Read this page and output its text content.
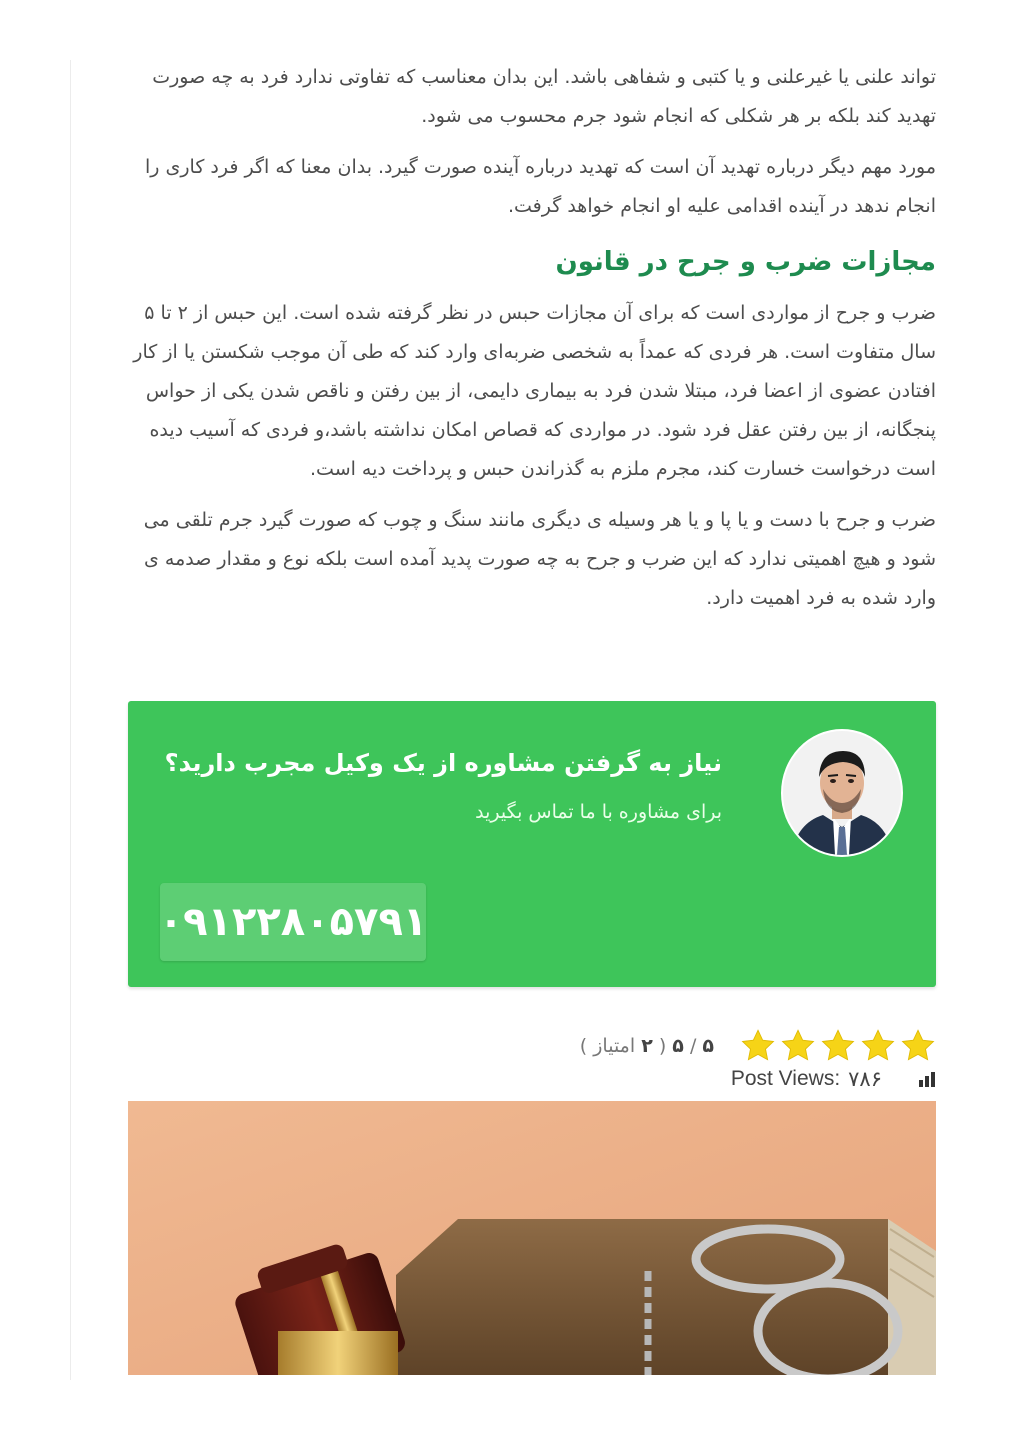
تواند علنی یا غیرعلنی و یا کتبی و شفاهی باشد. این بدان معناسب که تفاوتی ندارد فرد به چه صورت تهدید کند بلکه بر هر شکلی که انجام شود جرم محسوب می شود.

مورد مهم دیگر درباره تهدید آن است که تهدید درباره آینده صورت گیرد. بدان معنا که اگر فرد کاری را انجام ندهد در آینده اقدامی علیه او انجام خواهد گرفت.

مجازات ضرب و جرح در قانون

ضرب و جرح از مواردی است که برای آن مجازات حبس در نظر گرفته شده است. این حبس از ۲ تا ۵ سال متفاوت است. هر فردی که عمداً به شخصی ضربه‌ای وارد کند که طی آن موجب شکستن یا از کار افتادن عضوی از اعضا فرد، مبتلا شدن فرد به بیماری دایمی، از بین رفتن و ناقص شدن یکی از حواس پنجگانه، از بین رفتن عقل فرد شود. در مواردی که قصاص امکان نداشته باشد،و فردی که آسیب دیده است درخواست خسارت کند، مجرم ملزم به گذراندن حبس و پرداخت دیه است.

ضرب و جرح با دست و یا پا و یا هر وسیله ی دیگری مانند سنگ و چوب که صورت گیرد جرم تلقی می شود و هیچ اهمیتی ندارد که این ضرب و جرح به چه صورت پدید آمده است بلکه نوع و مقدار صدمه ی وارد شده به فرد اهمیت دارد.

نیاز به گرفتن مشاوره از یک وکیل مجرب دارید؟
برای مشاوره با ما تماس بگیرید
۰۹۱۲۲۸۰۵۷۹۱
۵ / ۵ ( ۲ امتیاز )
Post Views: ۷۸۶
